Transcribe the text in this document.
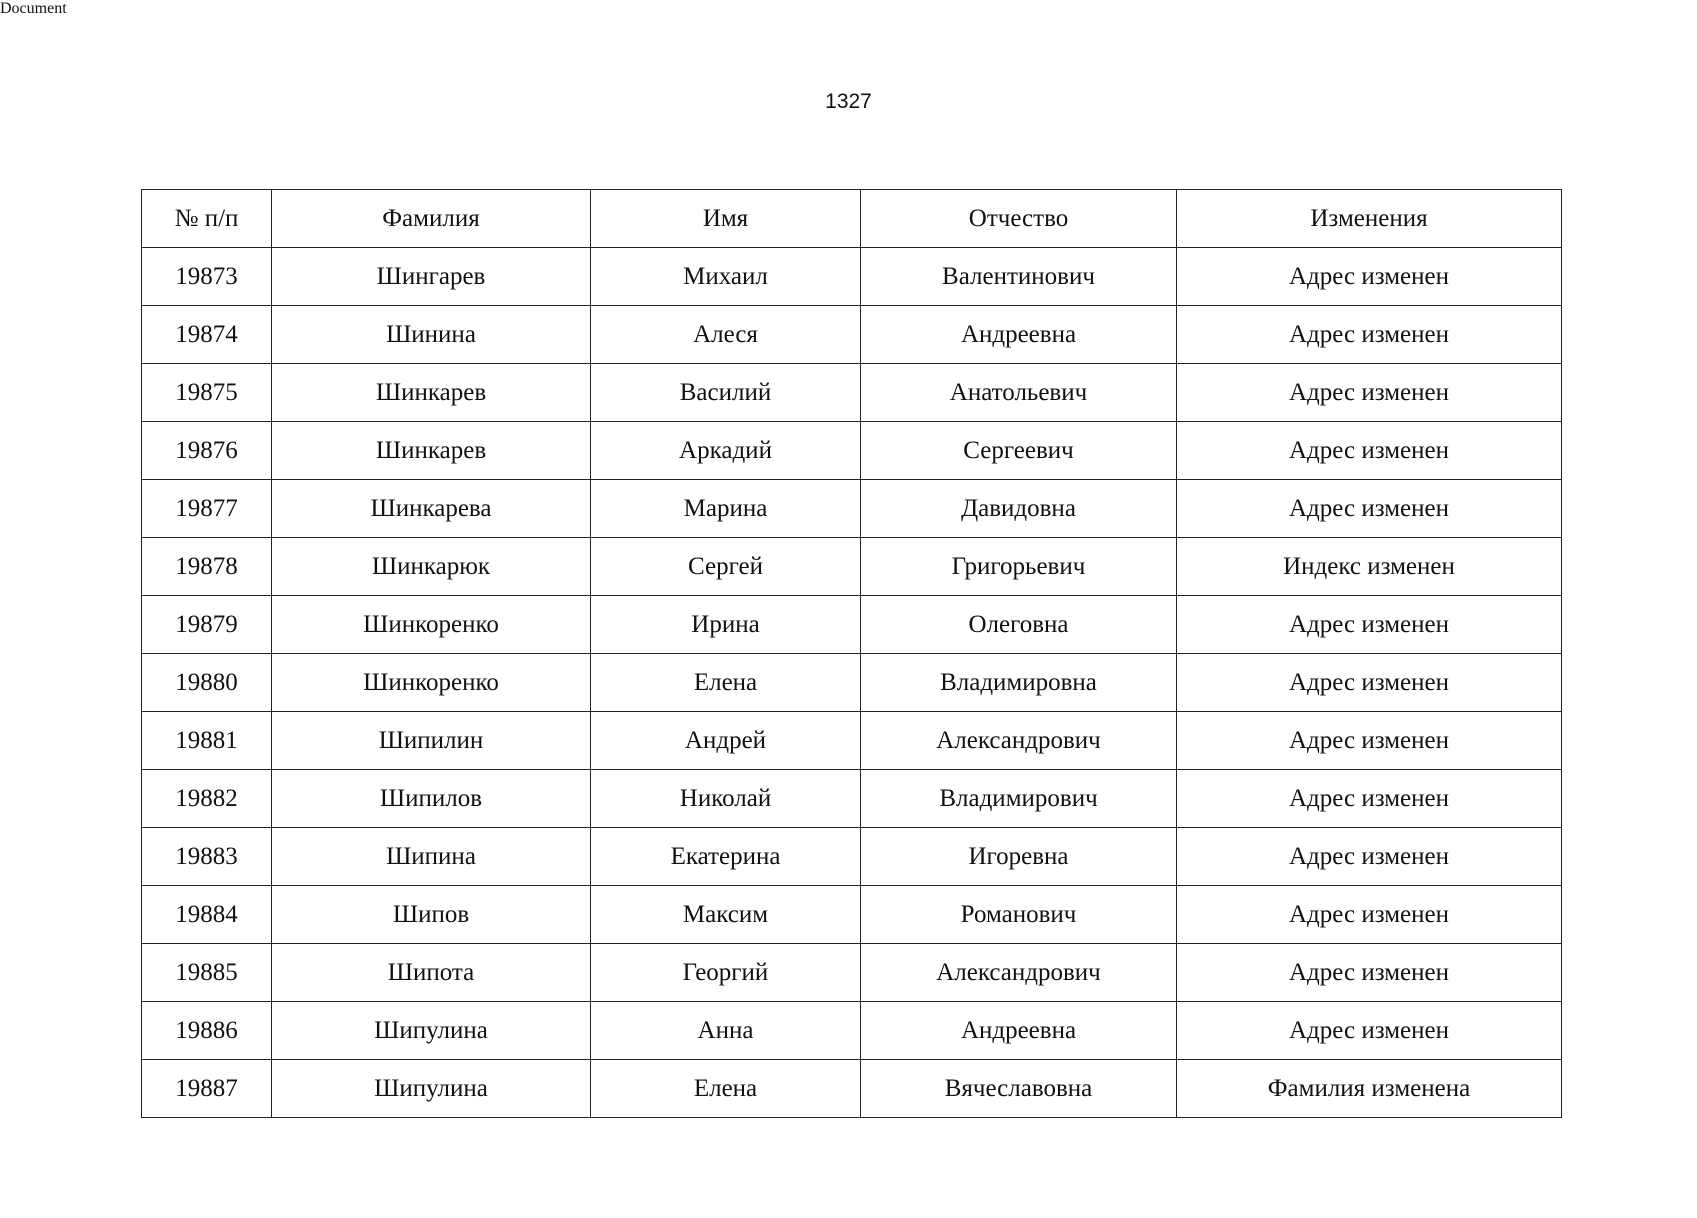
Document
1327
№ п/п	Фамилия	Имя	Отчество	Изменения
19873	Шингарев	Михаил	Валентинович	Адрес изменен
19874	Шинина	Алеся	Андреевна	Адрес изменен
19875	Шинкарев	Василий	Анатольевич	Адрес изменен
19876	Шинкарев	Аркадий	Сергеевич	Адрес изменен
19877	Шинкарева	Марина	Давидовна	Адрес изменен
19878	Шинкарюк	Сергей	Григорьевич	Индекс изменен
19879	Шинкоренко	Ирина	Олеговна	Адрес изменен
19880	Шинкоренко	Елена	Владимировна	Адрес изменен
19881	Шипилин	Андрей	Александрович	Адрес изменен
19882	Шипилов	Николай	Владимирович	Адрес изменен
19883	Шипина	Екатерина	Игоревна	Адрес изменен
19884	Шипов	Максим	Романович	Адрес изменен
19885	Шипота	Георгий	Александрович	Адрес изменен
19886	Шипулина	Анна	Андреевна	Адрес изменен
19887	Шипулина	Елена	Вячеславовна	Фамилия изменена
